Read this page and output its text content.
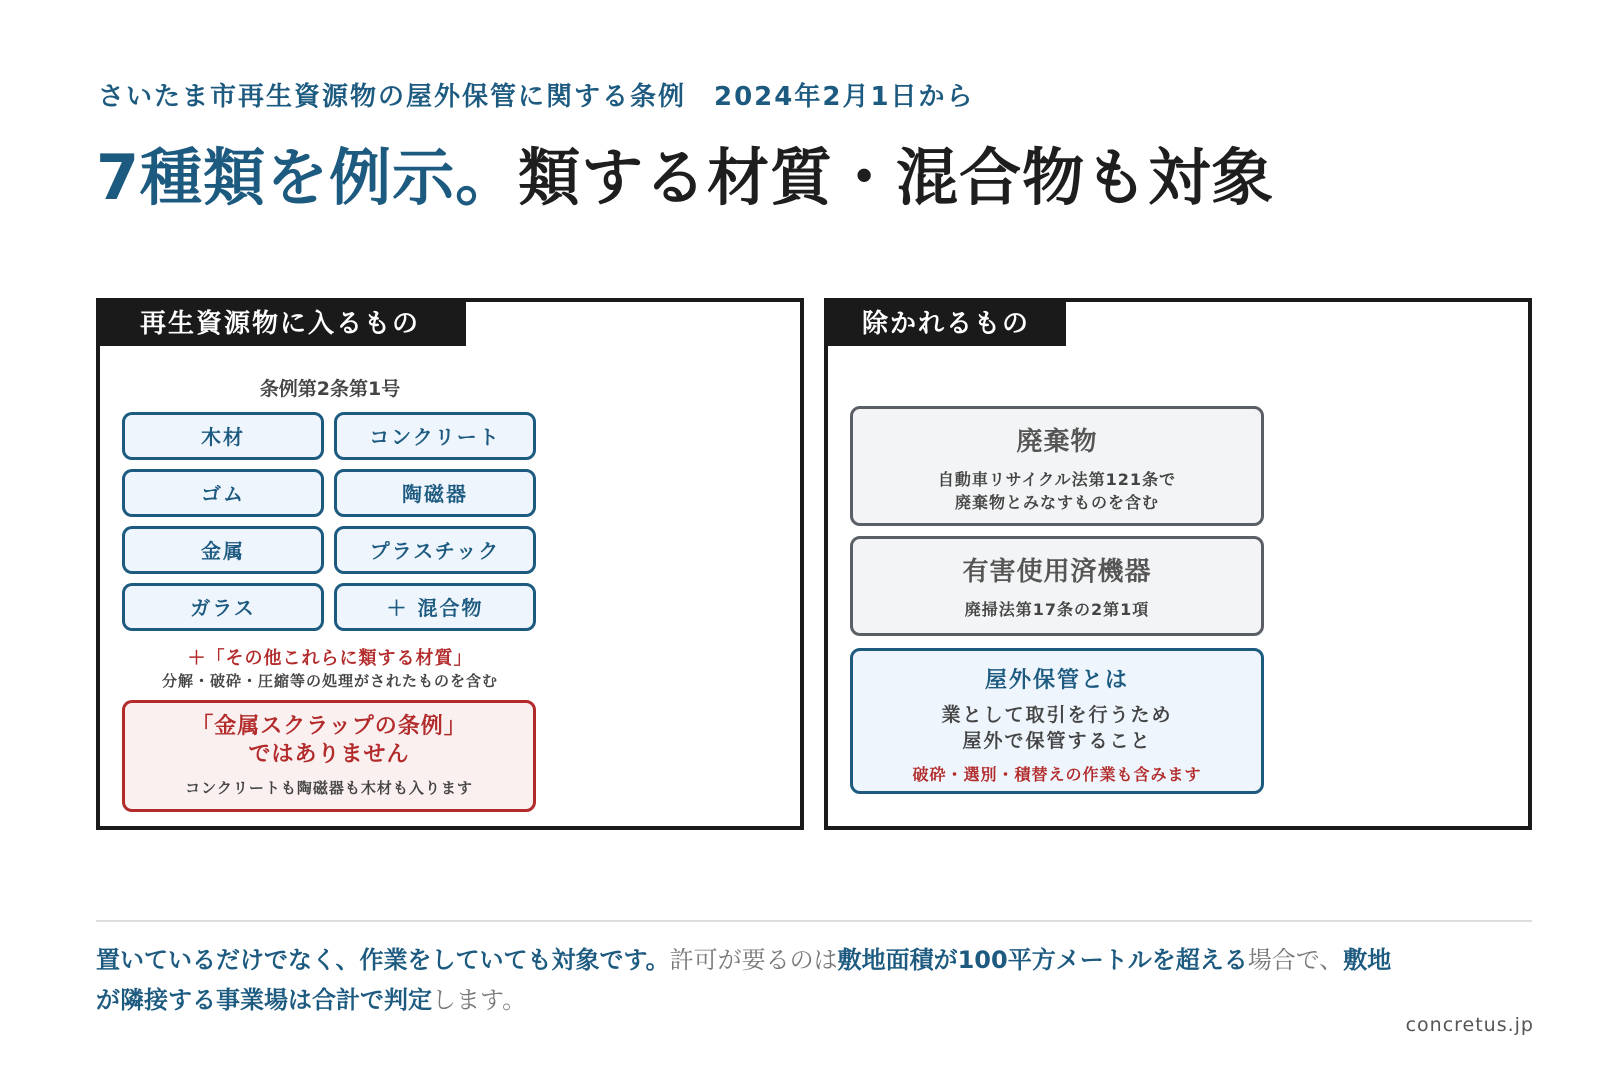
さいたま市再生資源物の屋外保管に関する条例　2024年2月1日から
7種類を例示。類する材質・混合物も対象
再生資源物に入るもの
条例第2条第1号
木材	コンクリート
ゴム	陶磁器
金属	プラスチック
ガラス	＋ 混合物
＋「その他これらに類する材質」
分解・破砕・圧縮等の処理がされたものを含む
「金属スクラップの条例」
ではありません
コンクリートも陶磁器も木材も入ります
除かれるもの
廃棄物
自動車リサイクル法第121条で
廃棄物とみなすものを含む
有害使用済機器
廃掃法第17条の2第1項
屋外保管とは
業として取引を行うため
屋外で保管すること
破砕・選別・積替えの作業も含みます
置いているだけでなく、作業をしていても対象です。許可が要るのは敷地面積が100平方メートルを超える場合で、敷地が隣接する事業場は合計で判定します。
concretus.jp
